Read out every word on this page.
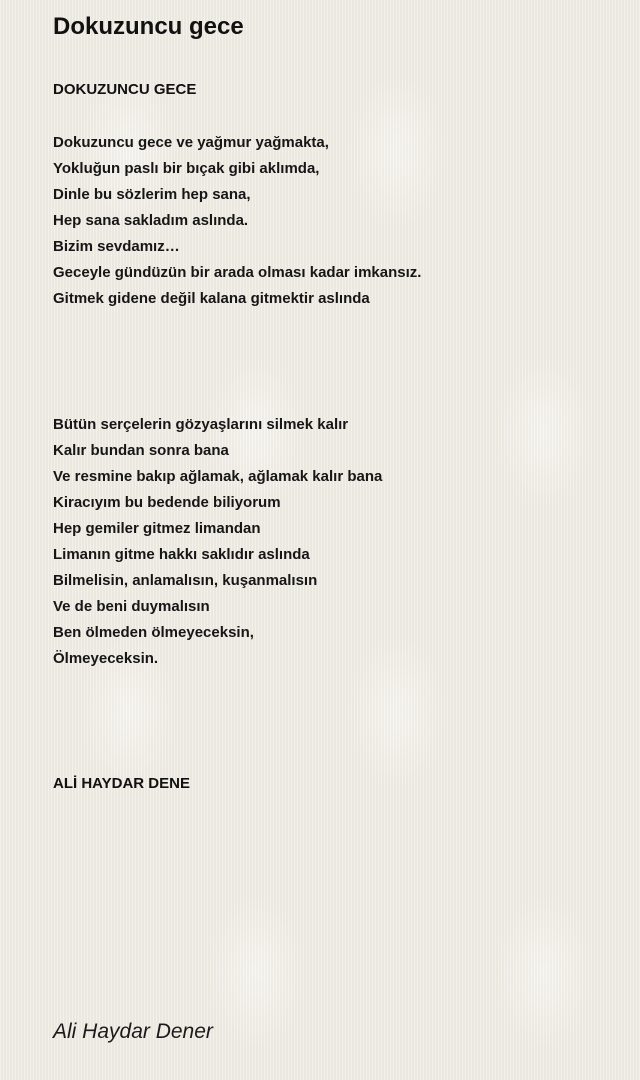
Dokuzuncu gece

DOKUZUNCU GECE

Dokuzuncu gece ve yağmur yağmakta,
Yokluğun paslı bir bıçak gibi aklımda,
Dinle bu sözlerim hep sana,
Hep sana sakladım aslında.
Bizim sevdamız…
Geceyle gündüzün bir arada olması kadar imkansız.
Gitmek gidene değil kalana gitmektir aslında
Bütün serçelerin gözyaşlarını silmek kalır
Kalır bundan sonra bana
Ve resmine bakıp ağlamak, ağlamak kalır bana
Kiracıyım bu bedende biliyorum
Hep gemiler gitmez limandan
Limanın gitme hakkı saklıdır aslında
Bilmelisin, anlamalısın, kuşanmalısın
Ve de beni duymalısın
Ben ölmeden ölmeyeceksin,
Ölmeyeceksin.

ALİ HAYDAR DENE

Ali Haydar Dener
